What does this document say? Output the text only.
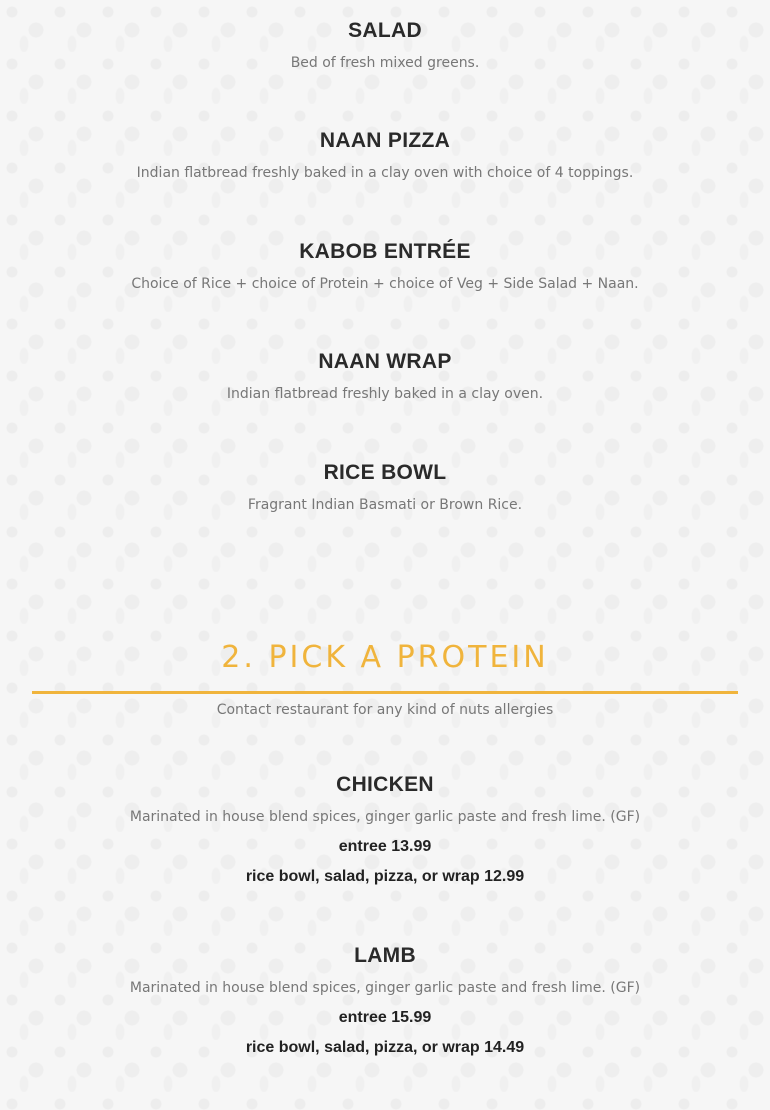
SALAD

Bed of fresh mixed greens.

NAAN PIZZA

Indian flatbread freshly baked in a clay oven with choice of 4 toppings.

KABOB ENTRÉE

Choice of Rice + choice of Protein + choice of Veg + Side Salad + Naan.

NAAN WRAP

Indian flatbread freshly baked in a clay oven.

RICE BOWL

Fragrant Indian Basmati or Brown Rice.

2. PICK A PROTEIN
Contact restaurant for any kind of nuts allergies
CHICKEN

Marinated in house blend spices, ginger garlic paste and fresh lime. (GF)

entree 13.99

rice bowl, salad, pizza, or wrap 12.99

LAMB

Marinated in house blend spices, ginger garlic paste and fresh lime. (GF)

entree 15.99

rice bowl, salad, pizza, or wrap 14.49
